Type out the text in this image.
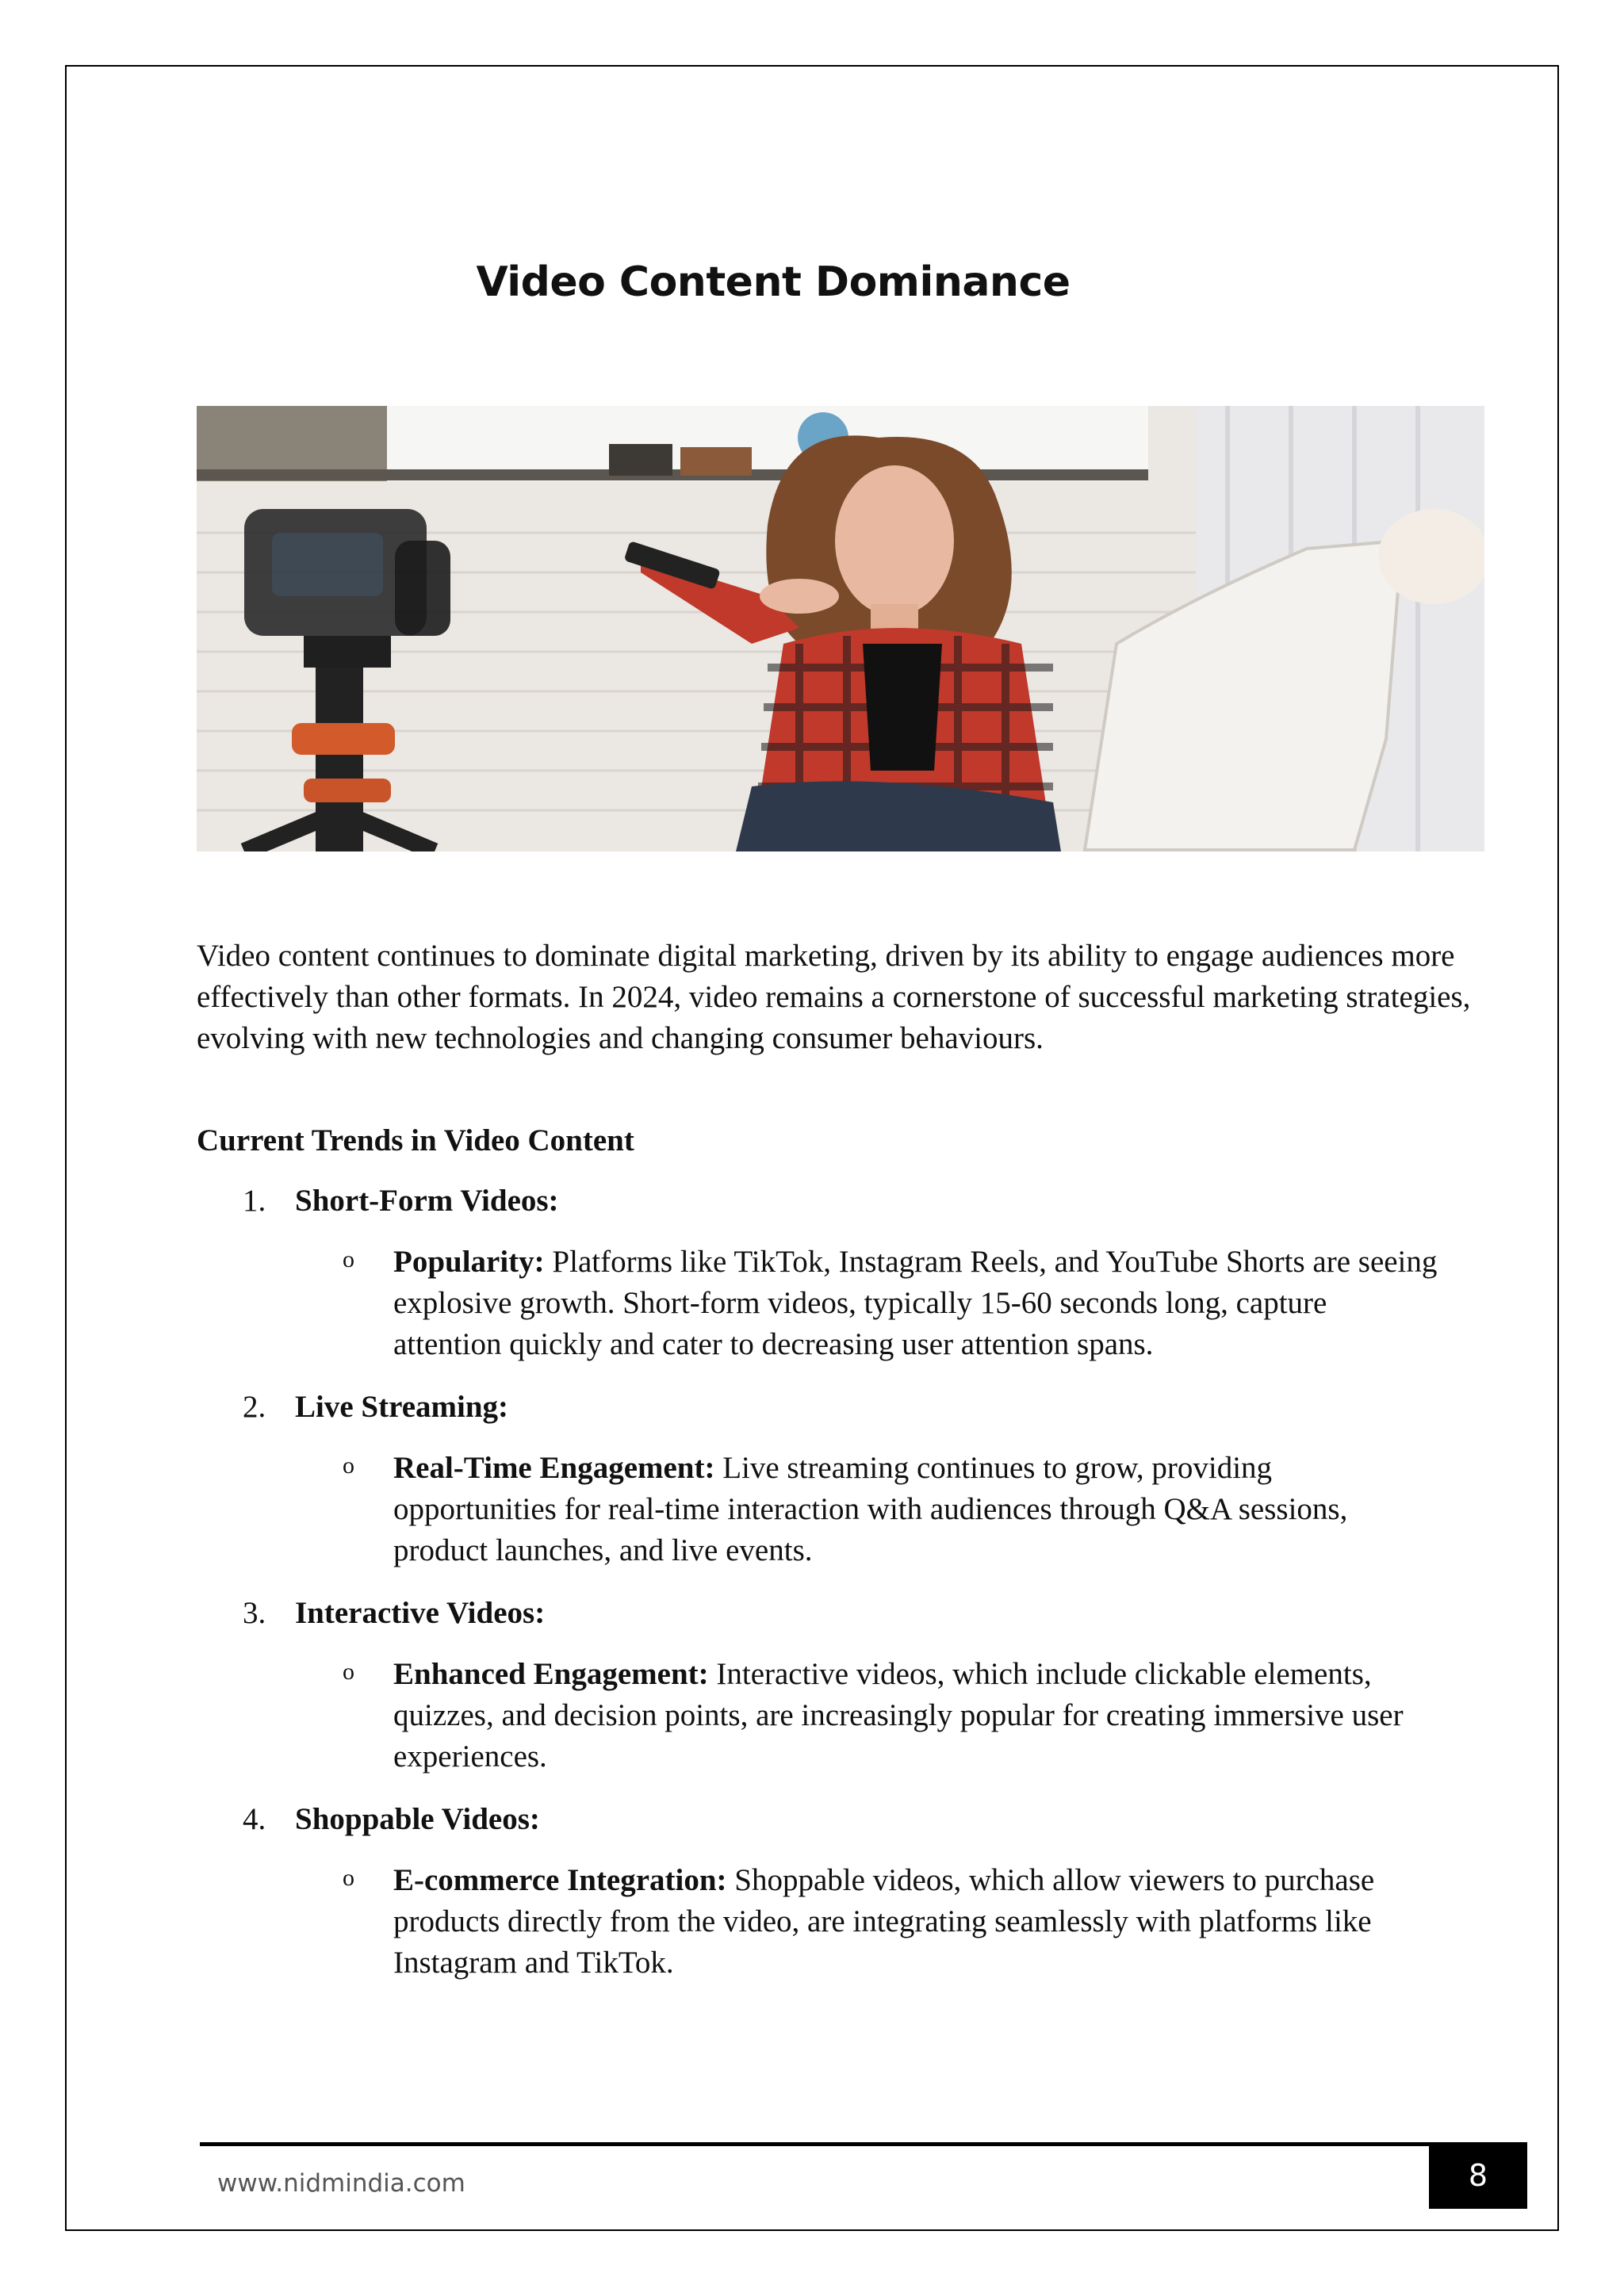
Video Content Dominance

Video content continues to dominate digital marketing, driven by its ability to engage audiences more effectively than other formats. In 2024, video remains a cornerstone of successful marketing strategies, evolving with new technologies and changing consumer behaviours.

Current Trends in Video Content
1. Short-Form Videos:
o Popularity: Platforms like TikTok, Instagram Reels, and YouTube Shorts are seeing explosive growth. Short-form videos, typically 15-60 seconds long, capture attention quickly and cater to decreasing user attention spans.
2. Live Streaming:
o Real-Time Engagement: Live streaming continues to grow, providing opportunities for real-time interaction with audiences through Q&A sessions, product launches, and live events.
3. Interactive Videos:
o Enhanced Engagement: Interactive videos, which include clickable elements, quizzes, and decision points, are increasingly popular for creating immersive user experiences.
4. Shoppable Videos:
o E-commerce Integration: Shoppable videos, which allow viewers to purchase products directly from the video, are integrating seamlessly with platforms like Instagram and TikTok.
www.nidmindia.com	8
